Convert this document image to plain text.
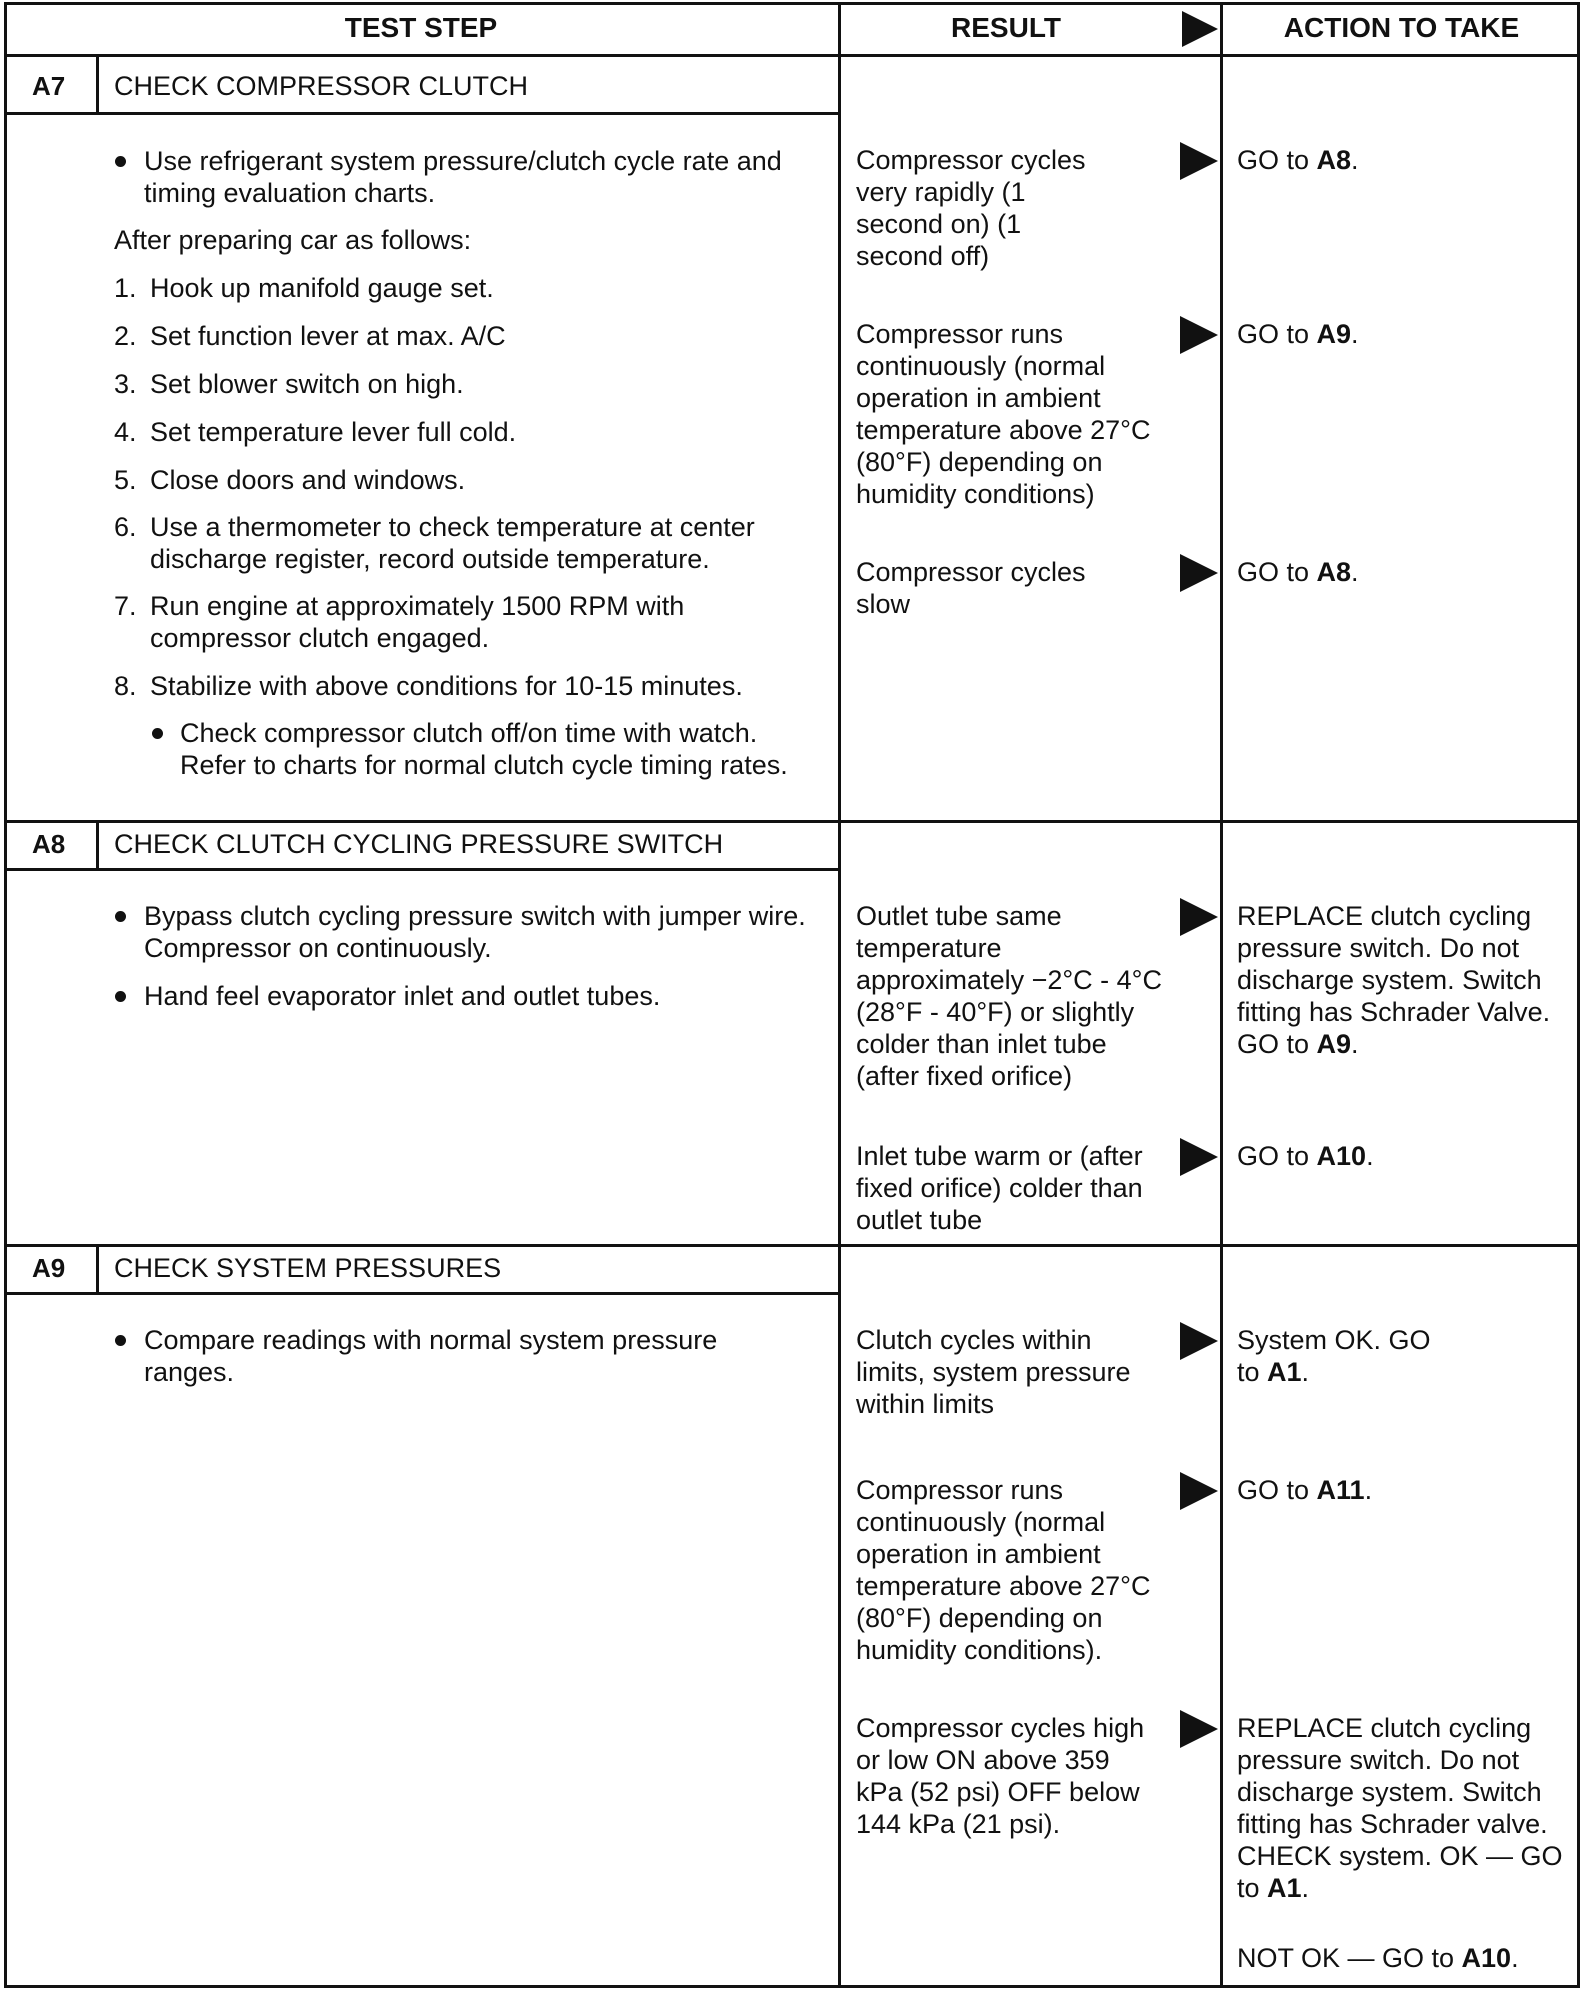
TEST STEP	RESULT	ACTION TO TAKE
A7 CHECK COMPRESSOR CLUTCH
Use refrigerant system pressure/clutch cycle rate and timing evaluation charts.
After preparing car as follows:
1. Hook up manifold gauge set.
2. Set function lever at max. A/C
3. Set blower switch on high.
4. Set temperature lever full cold.
5. Close doors and windows.
6. Use a thermometer to check temperature at center discharge register, record outside temperature.
7. Run engine at approximately 1500 RPM with compressor clutch engaged.
8. Stabilize with above conditions for 10-15 minutes.
Check compressor clutch off/on time with watch. Refer to charts for normal clutch cycle timing rates.
Compressor cycles very rapidly (1 second on) (1 second off)
GO to A8.
Compressor runs continuously (normal operation in ambient temperature above 27°C (80°F) depending on humidity conditions)
GO to A9.
Compressor cycles slow
GO to A8.
A8 CHECK CLUTCH CYCLING PRESSURE SWITCH
Bypass clutch cycling pressure switch with jumper wire. Compressor on continuously.
Hand feel evaporator inlet and outlet tubes.
Outlet tube same temperature approximately −2°C - 4°C (28°F - 40°F) or slightly colder than inlet tube (after fixed orifice)
REPLACE clutch cycling pressure switch. Do not discharge system. Switch fitting has Schrader Valve. GO to A9.
Inlet tube warm or (after fixed orifice) colder than outlet tube
GO to A10.
A9 CHECK SYSTEM PRESSURES
Compare readings with normal system pressure ranges.
Clutch cycles within limits, system pressure within limits
System OK. GO to A1.
Compressor runs continuously (normal operation in ambient temperature above 27°C (80°F) depending on humidity conditions).
GO to A11.
Compressor cycles high or low ON above 359 kPa (52 psi) OFF below 144 kPa (21 psi).
REPLACE clutch cycling pressure switch. Do not discharge system. Switch fitting has Schrader valve. CHECK system. OK — GO to A1.
NOT OK — GO to A10.
